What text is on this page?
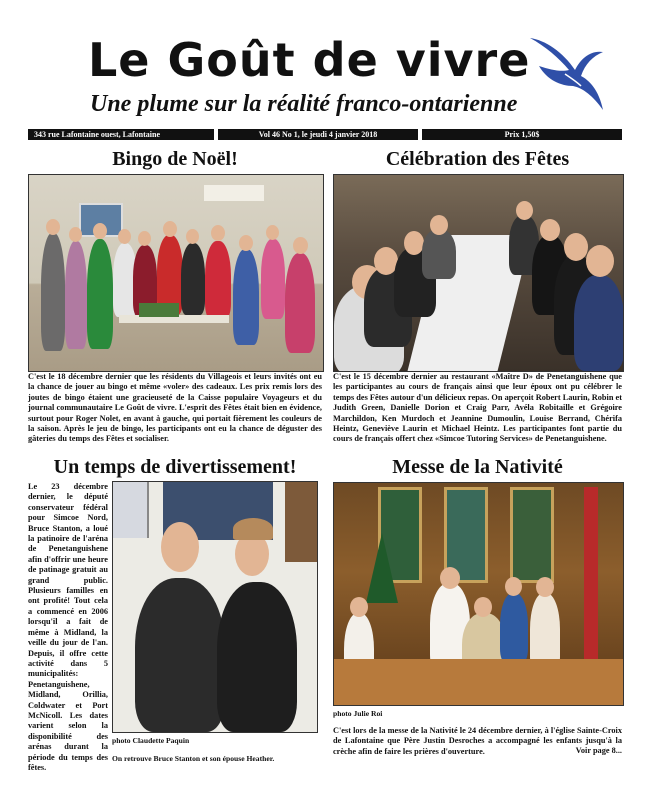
Le Goût de vivre
Une plume sur la réalité franco-ontarienne
343 rue Lafontaine ouest, Lafontaine	Vol 46 No 1, le jeudi 4 janvier 2018	Prix 1,50$
Bingo de Noël!
C'est le 18 décembre dernier que les résidents du Villageois et leurs invités ont eu la chance de jouer au bingo et même «voler» des cadeaux. Les prix remis lors des joutes de bingo étaient une gracieuseté de la Caisse populaire Voyageurs et du journal communautaire Le Goût de vivre. L'esprit des Fêtes était bien en évidence, surtout pour Roger Nolet, en avant à gauche, qui portait fièrement les couleurs de la saison. Après le jeu de bingo, les participants ont eu la chance de déguster des gâteries du temps des Fêtes et socialiser.
Célébration des Fêtes
C'est le 15 décembre dernier au restaurant «Maître D» de Penetanguishene que les participantes au cours de français ainsi que leur époux ont pu célébrer le temps des Fêtes autour d'un délicieux repas. On aperçoit Robert Laurin, Robin et Judith Green, Danielle Dorion et Craig Parr, Avéla Robitaille et Grégoire Marchildon, Ken Murdoch et Jeannine Dumoulin, Louise Berrand, Chérifa Heintz, Geneviève Laurin et Michael Heintz. Les participantes font partie du cours de français offert chez «Simcoe Tutoring Services» de Penetanguishene.
Un temps de divertissement!
Le 23 décembre dernier, le député conservateur fédéral pour Simcoe Nord, Bruce Stanton, a loué la patinoire de l'aréna de Penetanguishene afin d'offrir une heure de patinage gratuit au grand public. Plusieurs familles en ont profité! Tout cela a commencé en 2006 lorsqu'il a fait de même à Midland, la veille du jour de l'an. Depuis, il offre cette activité dans 5 municipalités: Penetanguishene, Midland, Orillia, Coldwater et Port McNicoll. Les dates varient selon la disponibilité des arénas durant la période du temps des fêtes.
photo Claudette Paquin
On retrouve Bruce Stanton et son épouse Heather.
Messe de la Nativité
photo Julie Roi
C'est lors de la messe de la Nativité le 24 décembre dernier, à l'église Sainte-Croix de Lafontaine que Père Justin Desroches a accompagné les enfants jusqu'à la crèche afin de faire les prières d'ouverture.	Voir page 8...
